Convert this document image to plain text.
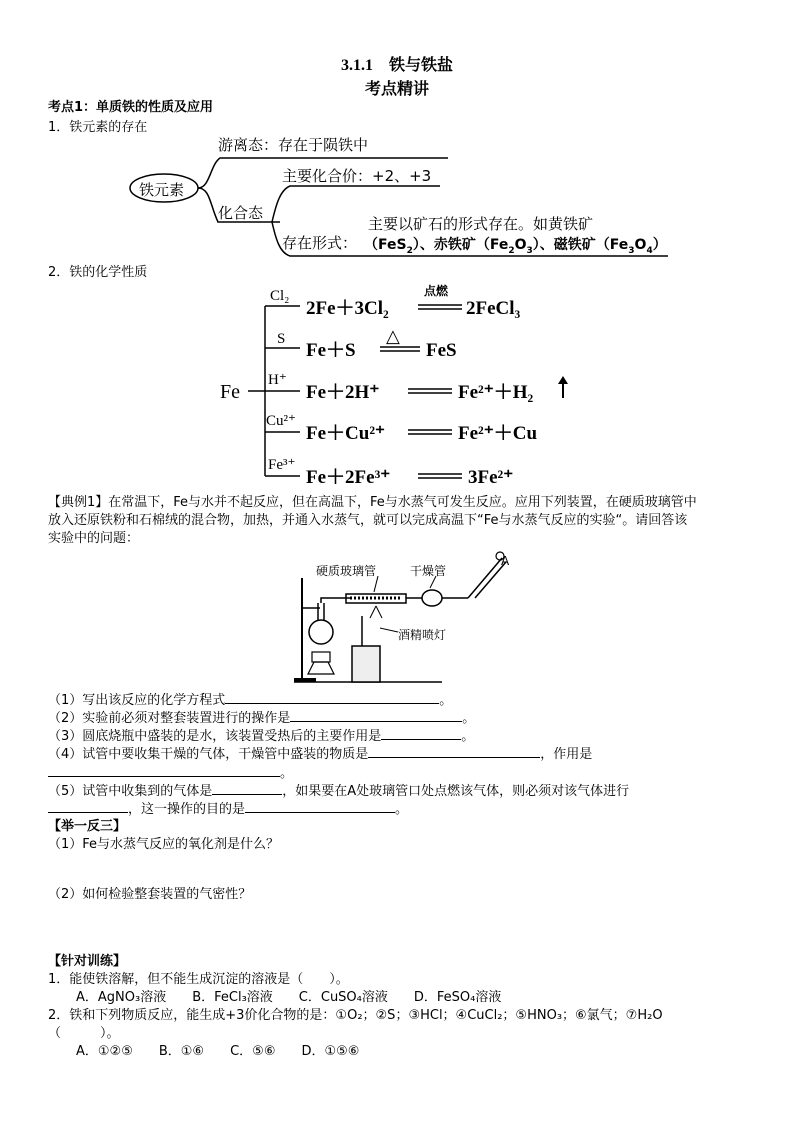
3.1.1　铁与铁盐
考点精讲
考点1：单质铁的性质及应用
1．铁元素的存在
铁元素
游离态：存在于陨铁中
化合态
主要化合价：+2、+3
存在形式：
主要以矿石的形式存在。如黄铁矿
（FeS$_2$）、赤铁矿$(Fe_2O_3)$、磁铁矿$(Fe_3O_4)$
2．铁的化学性质
Fe
Cl₂
S
H⁺
Cu²⁺
Fe³⁺
2Fe＋3Cl₂
点燃
2FeCl₃
Fe＋S
△
FeS
Fe＋2H⁺	Fe²⁺＋H₂
Fe＋Cu²⁺	Fe²⁺＋Cu
Fe＋2Fe³⁺	3Fe²⁺
【典例1】在常温下，Fe与水并不起反应，但在高温下，Fe与水蒸气可发生反应。应用下列装置，在硬质玻璃管中
放入还原铁粉和石棉绒的混合物，加热，并通入水蒸气，就可以完成高温下“Fe与水蒸气反应的实验“。请回答该
实验中的问题：
硬质玻璃管	干燥管
酒精喷灯
A
（1）写出该反应的化学方程式	。
（2）实验前必须对整套装置进行的操作是	。
（3）圆底烧瓶中盛装的是水，该装置受热后的主要作用是	。
（4）试管中要收集干燥的气体，干燥管中盛装的物质是	，作用是
。
（5）试管中收集到的气体是	，如果要在A处玻璃管口处点燃该气体，则必须对该气体进行
，这一操作的目的是	。
【举一反三】
（1）Fe与水蒸气反应的氧化剂是什么？
（2）如何检验整套装置的气密性？
【针对训练】
1．能使铁溶解，但不能生成沉淀的溶液是（　　）。
A．AgNO₃溶液　　B．FeCl₃溶液　　C．CuSO₄溶液　　D．FeSO₄溶液
2．铁和下列物质反应，能生成+3价化合物的是：①O₂；②S；③HCl；④CuCl₂；⑤HNO₃；⑥氯气；⑦H₂O
（　　　）。
A．①②⑤　　B．①⑥　　C．⑤⑥　　D．①⑤⑥
